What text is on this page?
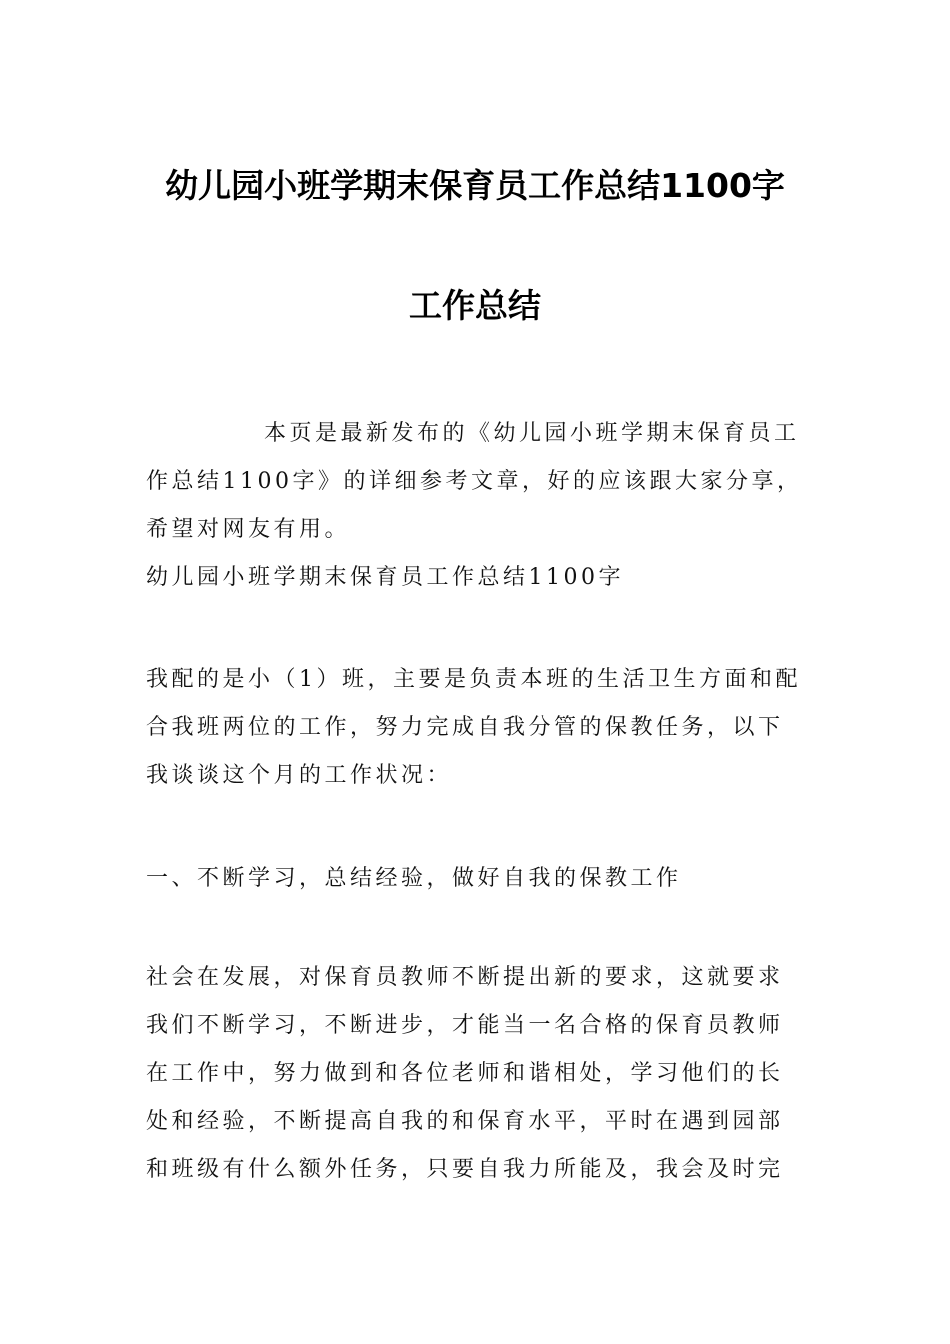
幼儿园小班学期末保育员工作总结1100字
工作总结

本页是最新发布的《幼儿园小班学期末保育员工
作总结1100字》的详细参考文章，好的应该跟大家分享，
希望对网友有用。

幼儿园小班学期末保育员工作总结1100字

我配的是小（1）班，主要是负责本班的生活卫生方面和配
合我班两位的工作，努力完成自我分管的保教任务，以下
我谈谈这个月的工作状况：

一、不断学习，总结经验，做好自我的保教工作

社会在发展，对保育员教师不断提出新的要求，这就要求
我们不断学习，不断进步，才能当一名合格的保育员教师
在工作中，努力做到和各位老师和谐相处，学习他们的长
处和经验，不断提高自我的和保育水平，平时在遇到园部
和班级有什么额外任务，只要自我力所能及，我会及时完
